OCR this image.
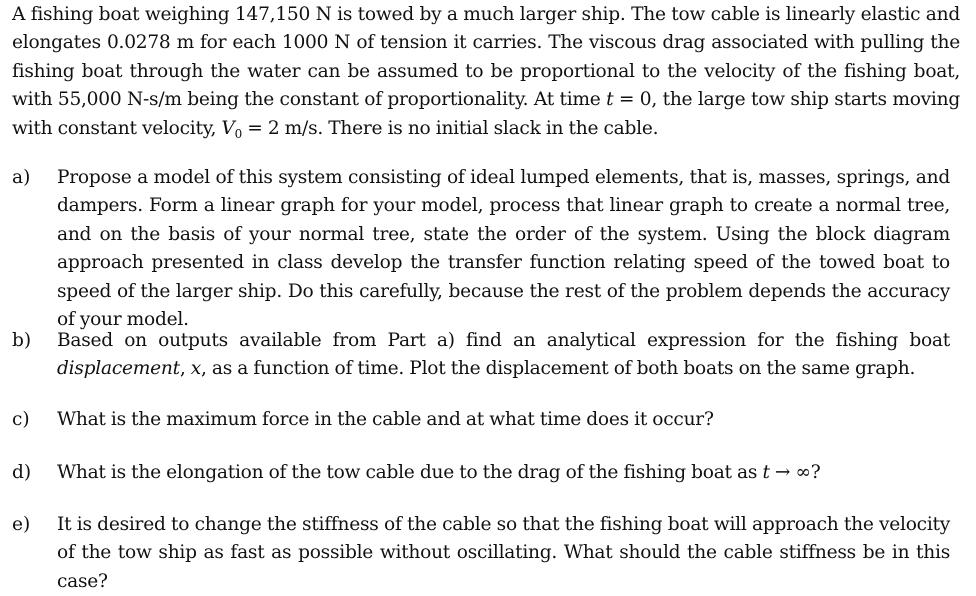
A fishing boat weighing 147,150 N is towed by a much larger ship. The tow cable is linearly elastic and elongates 0.0278 m for each 1000 N of tension it carries. The viscous drag associated with pulling the fishing boat through the water can be assumed to be proportional to the velocity of the fishing boat, with 55,000 N-s/m being the constant of proportionality. At time t = 0, the large tow ship starts moving with constant velocity, $V_0 = 2$ m/s. There is no initial slack in the cable.
a) Propose a model of this system consisting of ideal lumped elements, that is, masses, springs, and dampers. Form a linear graph for your model, process that linear graph to create a normal tree, and on the basis of your normal tree, state the order of the system. Using the block diagram approach presented in class develop the transfer function relating speed of the towed boat to speed of the larger ship. Do this carefully, because the rest of the problem depends the accuracy of your model.
b) Based on outputs available from Part a) find an analytical expression for the fishing boat displacement, x, as a function of time. Plot the displacement of both boats on the same graph.
c) What is the maximum force in the cable and at what time does it occur?
d) What is the elongation of the tow cable due to the drag of the fishing boat as t → ∞?
e) It is desired to change the stiffness of the cable so that the fishing boat will approach the velocity of the tow ship as fast as possible without oscillating. What should the cable stiffness be in this case?
